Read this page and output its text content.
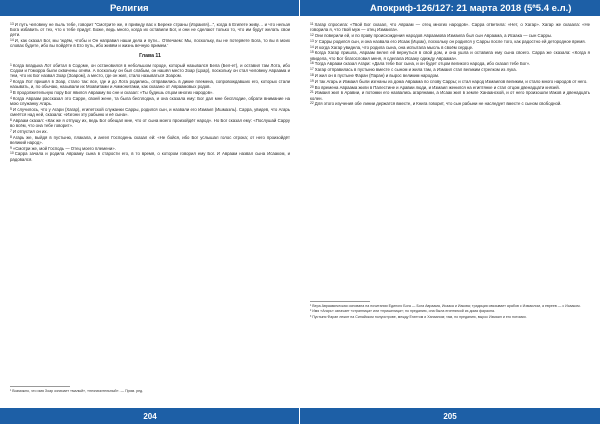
Религия

$^{13}$И путь человеку не пыль тебе, говорит “Смотрите же, я приведу вас к Береке страны (Израиля)...”, когда в Египете живу… и что нельзя Бога избавить от тех, что к тебе придут. Боже, ведь много, когда их оставили Бог, и они не сделают только то, что им будут желать свои дети.

$^{14}$И, как сказал Бог, мы ‘ждём, чтобы и Он направил наши дела и пути... Отвечаем: Мы, поскольку, вы не потеряете Бога, то вы в моих словах будете, ибо вы пойдёте в Его путь, ибо живём и жизнь вечную примем.’

Глава 11

$^1$Когда владыка Лот обитал в Содоме, он остановился в небольшом городе, который назывался Бела (Бел-ет), и оставил там Лота, ибо Содом и Гоморра были охвачены огнём. А поскольку он был слабым, он нашёл место Зоар (Цоар), поскольку он стал человеку Авраама и тем, что их Бог назвал Зоар (Зоаром), а место, где он жил, стало называться Зоаром.

$^2$Когда Лот пришёл в Зоар, стало так: все, где и до Лота родились, отправились в дикие племена, сопровождавших его, которых стали называть, и, по обычаю, называли их Моавитами и Аммонитами, как сказано от Авраамовых родов.

$^3$В продолжительную пору Бог явился Аврааму во сне и сказал: «Ты будешь отцом многих народов».

$^4$Когда Авраам рассказал это Сарре, своей жене, та была бесплодна, и она сказала ему: Бог дал мне бесплодие, обрати внимание на мою служанку Агарь.

$^5$И случилось, что у Агари (Хагар), египетской служанки Сарры, родился сын, и назвали его Измаил (Ишмаэль). Сарра, увидев, что Агарь смеётся над ней, сказала: «Изгони эту рабыню и её сына».

$^6$Авраам сказал: «Как же я отпущу их, ведь Бог обещал мне, что от сына моего произойдёт народ». Но Бог сказал ему: «Послушай Сарру во всём, что она тебе говорит».

$^7$И отпустил он их.

$^8$Агарь же, выйдя в пустыню, плакала, и ангел Господень сказал ей: «Не бойся, ибо Бог услышал голос отрока; от него произойдёт великий народ».

$^9$«Смотри же, мой Господь — Отец моего племени».

$^{10}$Сарра зачала и родила Аврааму сына в старости его, в то время, о котором говорил ему Бог. И Авраам назвал сына Исааком, и радовался.

¹ Возможно, что имя Зоар означает «малый», «незначительный». — Прим. ред.
204
Апокриф-126/127: 21 марта 2018 (5ª5.4 е.л.)

$^{11}$Хагар спросила: «Твой Бог сказал, что Авраам — отец многих народов». Сарра ответила: «Нет, о Хагар». Хагар же сказала: «Не говорила я, что твой муж — отец Измаила».

$^{12}$Они поверили ей, и по праву происхождения народов Авраамова Измаила был сын Авраама, а Исаака — сын Сарры.

$^{13}$У Сарры родился сын, и она назвала его Исаак (Ицхак), поскольку он родился у Сарры после того, как радостно ей детородное время.

$^{14}$И когда Хагар увидела, что родила сына, она испытала мысль в своём сердце.

$^{15}$Когда Хагар пришла, Авраам велел ей вернуться в свой дом, и она ушла и оставила ему сына своего. Сарра же сказала: «Когда я увидела, что Бог благословил меня, я сделала Исааку одежду Авраама».

$^{16}$Тогда Авраам сказал Агари: «Дала тебе Бог сына, и он будет отцом великого народа, ибо сказал тебе Бог».

$^{17}$Хагар отправилась в пустыню вместе с сыном и жила там, а Измаил стал великим стрелком из лука.

$^{18}$И жил он в пустыне Фаран (Паран) и вырос великим народом.

$^{19}$И так Агарь и Измаил были изгнаны из дома Авраама по слову Сарры; и стал народ Измаилов великим, и стало много народов от него.

$^{20}$Во времена Авраама жили в Палестине и Аравии люди, и Измаил женился на египтянке и стал отцом двенадцати князей.

$^{21}$Измаил жил в Аравии, и потомки его назвались агарянами, а Исаак жил в земле Ханаанской, и от него произошли Иаков и двенадцать колен.

$^{22}$Для этого изучения обе линии держатся вместе, и Книга говорит, что сын рабыни не наследует вместе с сыном свободной.

¹ Вера Авраамическая основана на почитании Единого Бога — Бога Авраама, Исаака и Иакова; традиция связывает арабов с Измаилом, а евреев — с Исааком.

² Имя «Агарь» означает «странница» или «пришелица»; по преданию, она была египтянкой из дома фараона.

³ Пустыня Фаран лежит на Синайском полуострове, между Египтом и Ханааном; там, по преданию, вырос Измаил и его потомки.

205
